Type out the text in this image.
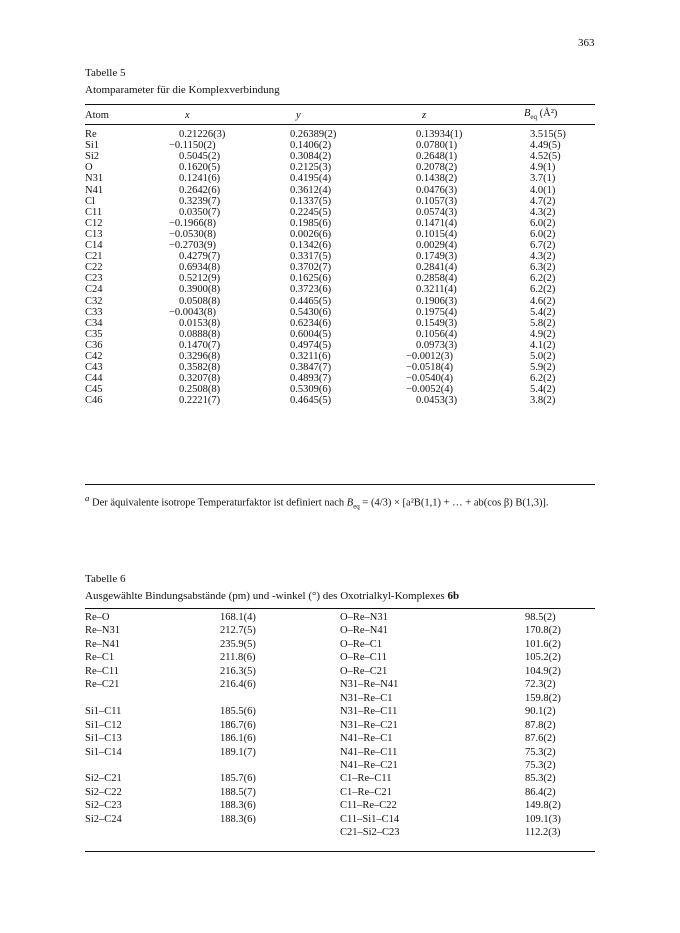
363
Tabelle 5
Atomparameter für die Komplexverbindung
Atom	x	y	z	$B_{eq}$ (Å²)

Re	0.21226(3)	0.26389(2)	0.13934(1)	3.515(5)
Si1	−0.1150(2)	0.1406(2)	0.0780(1)	4.49(5)
Si2	0.5045(2)	0.3084(2)	0.2648(1)	4.52(5)
O	0.1620(5)	0.2125(3)	0.2078(2)	4.9(1)
N31	0.1241(6)	0.4195(4)	0.1438(2)	3.7(1)
N41	0.2642(6)	0.3612(4)	0.0476(3)	4.0(1)
Cl	0.3239(7)	0.1337(5)	0.1057(3)	4.7(2)
C11	0.0350(7)	0.2245(5)	0.0574(3)	4.3(2)
C12	−0.1966(8)	0.1985(6)	0.1471(4)	6.0(2)
C13	−0.0530(8)	0.0026(6)	0.1015(4)	6.0(2)
C14	−0.2703(9)	0.1342(6)	0.0029(4)	6.7(2)
C21	0.4279(7)	0.3317(5)	0.1749(3)	4.3(2)
C22	0.6934(8)	0.3702(7)	0.2841(4)	6.3(2)
C23	0.5212(9)	0.1625(6)	0.2858(4)	6.2(2)
C24	0.3900(8)	0.3723(6)	0.3211(4)	6.2(2)
C32	0.0508(8)	0.4465(5)	0.1906(3)	4.6(2)
C33	−0.0043(8)	0.5430(6)	0.1975(4)	5.4(2)
C34	0.0153(8)	0.6234(6)	0.1549(3)	5.8(2)
C35	0.0888(8)	0.6004(5)	0.1056(4)	4.9(2)
C36	0.1470(7)	0.4974(5)	0.0973(3)	4.1(2)
C42	0.3296(8)	0.3211(6)	−0.0012(3)	5.0(2)
C43	0.3582(8)	0.3847(7)	−0.0518(4)	5.9(2)
C44	0.3207(8)	0.4893(7)	−0.0540(4)	6.2(2)
C45	0.2508(8)	0.5309(6)	−0.0052(4)	5.4(2)
C46	0.2221(7)	0.4645(5)	0.0453(3)	3.8(2)
$^a$ Der äquivalente isotrope Temperaturfaktor ist definiert nach $B_{eq} = (4/3) \times [a^2B(1,1)$ + … + ab(cos β) B(1,3)].
Tabelle 6
Ausgewählte Bindungsabstände (pm) und -winkel (°) des Oxotrialkyl-Komplexes 6b
Re–O	168.1(4)	O–Re–N31	98.5(2)
Re–N31	212.7(5)	O–Re–N41	170.8(2)
Re–N41	235.9(5)	O–Re–C1	101.6(2)
Re–C1	211.8(6)	O–Re–C11	105.2(2)
Re–C11	216.3(5)	O–Re–C21	104.9(2)
Re–C21	216.4(6)	N31–Re–N41	72.3(2)
		N31–Re–C1	159.8(2)
Si1–C11	185.5(6)	N31–Re–C11	90.1(2)
Si1–C12	186.7(6)	N31–Re–C21	87.8(2)
Si1–C13	186.1(6)	N41–Re–C1	87.6(2)
Si1–C14	189.1(7)	N41–Re–C11	75.3(2)
		N41–Re–C21	75.3(2)
Si2–C21	185.7(6)	C1–Re–C11	85.3(2)
Si2–C22	188.5(7)	C1–Re–C21	86.4(2)
Si2–C23	188.3(6)	C11–Re–C22	149.8(2)
Si2–C24	188.3(6)	C11–Si1–C14	109.1(3)
		C21–Si2–C23	112.2(3)
